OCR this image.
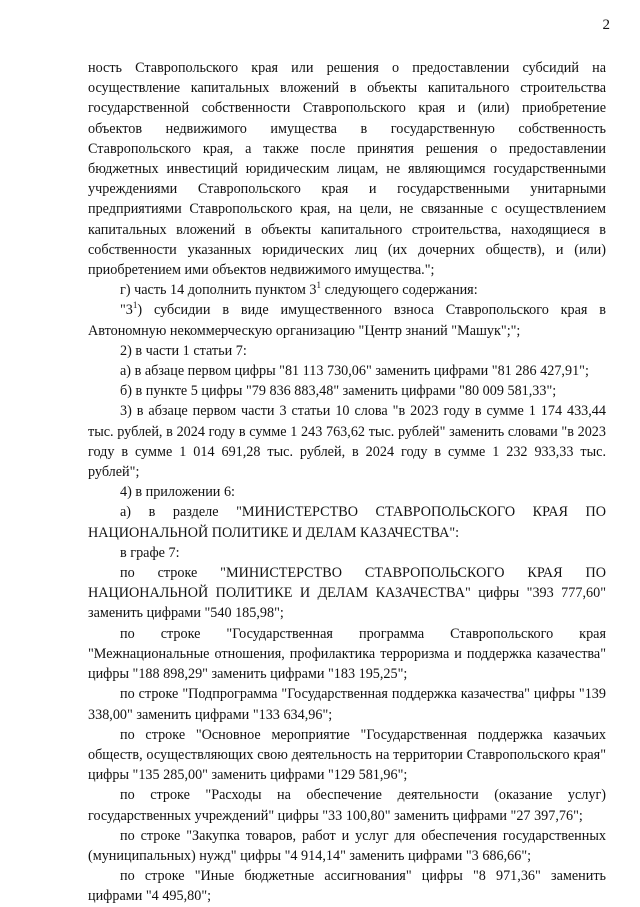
2

ность Ставропольского края или решения о предоставлении субсидий на осуществление капитальных вложений в объекты капитального строительства государственной собственности Ставропольского края и (или) приобретение объектов недвижимого имущества в государственную собственность Ставропольского края, а также после принятия решения о предоставлении бюджетных инвестиций юридическим лицам, не являющимся государственными учреждениями Ставропольского края и государственными унитарными предприятиями Ставропольского края, на цели, не связанные с осуществлением капитальных вложений в объекты капитального строительства, находящиеся в собственности указанных юридических лиц (их дочерних обществ), и (или) приобретением ими объектов недвижимого имущества.";

г) часть 14 дополнить пунктом $3^1$ следующего содержания:

"$3^1$) субсидии в виде имущественного взноса Ставропольского края в Автономную некоммерческую организацию "Центр знаний "Машук";";

2) в части 1 статьи 7:

а) в абзаце первом цифры "81 113 730,06" заменить цифрами "81 286 427,91";

б) в пункте 5 цифры "79 836 883,48" заменить цифрами "80 009 581,33";

3) в абзаце первом части 3 статьи 10 слова "в 2023 году в сумме 1 174 433,44 тыс. рублей, в 2024 году в сумме 1 243 763,62 тыс. рублей" заменить словами "в 2023 году в сумме 1 014 691,28 тыс. рублей, в 2024 году в сумме 1 232 933,33 тыс. рублей";

4) в приложении 6:

а) в разделе "МИНИСТЕРСТВО СТАВРОПОЛЬСКОГО КРАЯ ПО НАЦИОНАЛЬНОЙ ПОЛИТИКЕ И ДЕЛАМ КАЗАЧЕСТВА":

в графе 7:

по строке "МИНИСТЕРСТВО СТАВРОПОЛЬСКОГО КРАЯ ПО НАЦИОНАЛЬНОЙ ПОЛИТИКЕ И ДЕЛАМ КАЗАЧЕСТВА" цифры "393 777,60" заменить цифрами "540 185,98";

по строке "Государственная программа Ставропольского края "Межнациональные отношения, профилактика терроризма и поддержка казачества" цифры "188 898,29" заменить цифрами "183 195,25";

по строке "Подпрограмма "Государственная поддержка казачества" цифры "139 338,00" заменить цифрами "133 634,96";

по строке "Основное мероприятие "Государственная поддержка казачьих обществ, осуществляющих свою деятельность на территории Ставропольского края" цифры "135 285,00" заменить цифрами "129 581,96";

по строке "Расходы на обеспечение деятельности (оказание услуг) государственных учреждений" цифры "33 100,80" заменить цифрами "27 397,76";

по строке "Закупка товаров, работ и услуг для обеспечения государственных (муниципальных) нужд" цифры "4 914,14" заменить цифрами "3 686,66";

по строке "Иные бюджетные ассигнования" цифры "8 971,36" заменить цифрами "4 495,80";
